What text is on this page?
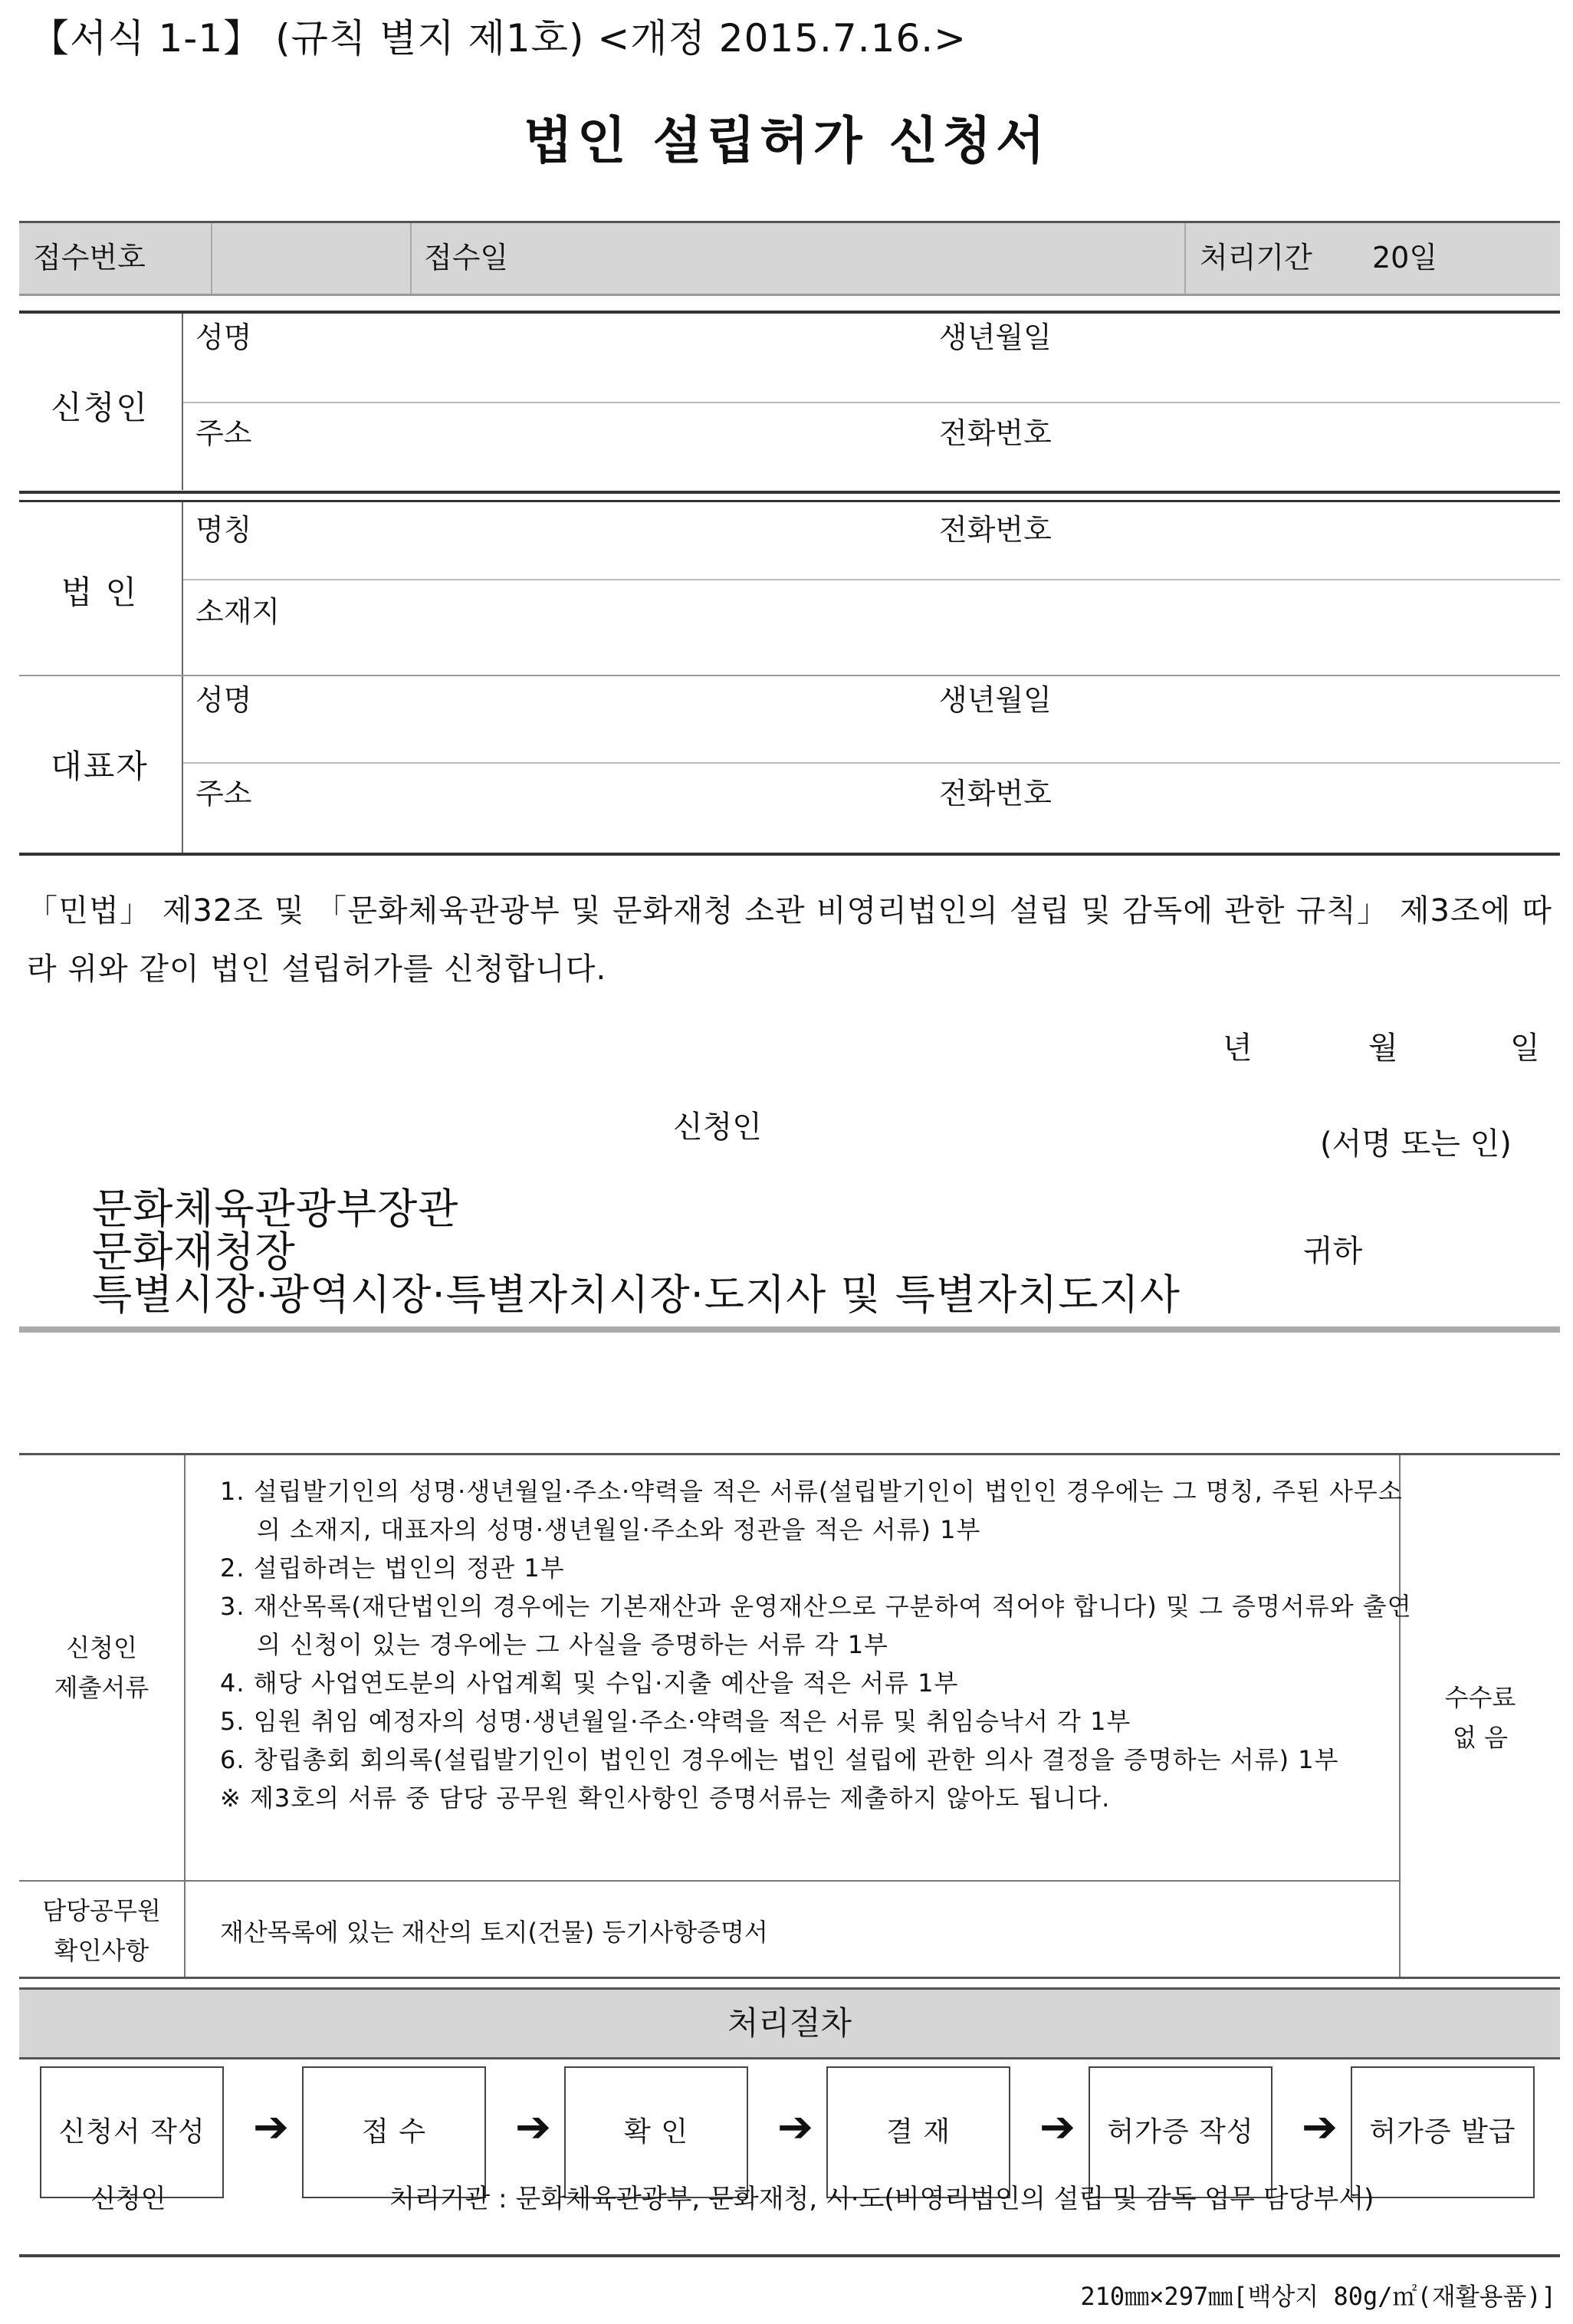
【서식 1-1】 (규칙 별지 제1호) <개정 2015.7.16.>
법인 설립허가 신청서
접수번호	접수일	처리기간 20일
신청인
성명	생년월일
주소	전화번호
법 인
명칭	전화번호
소재지
대표자
성명	생년월일
주소	전화번호
「민법」 제32조 및 「문화체육관광부 및 문화재청 소관 비영리법인의 설립 및 감독에 관한 규칙」 제3조에 따라 위와 같이 법인 설립허가를 신청합니다.
년	월	일
신청인	(서명 또는 인)
문화체육관광부장관
문화재청장
특별시장·광역시장·특별자치시장·도지사 및 특별자치도지사
귀하
신청인
제출서류
1. 설립발기인의 성명·생년월일·주소·약력을 적은 서류(설립발기인이 법인인 경우에는 그 명칭, 주된 사무소의 소재지, 대표자의 성명·생년월일·주소와 정관을 적은 서류) 1부
2. 설립하려는 법인의 정관 1부
3. 재산목록(재단법인의 경우에는 기본재산과 운영재산으로 구분하여 적어야 합니다) 및 그 증명서류와 출연의 신청이 있는 경우에는 그 사실을 증명하는 서류 각 1부
4. 해당 사업연도분의 사업계획 및 수입·지출 예산을 적은 서류 1부
5. 임원 취임 예정자의 성명·생년월일·주소·약력을 적은 서류 및 취임승낙서 각 1부
6. 창립총회 회의록(설립발기인이 법인인 경우에는 법인 설립에 관한 의사 결정을 증명하는 서류) 1부
※ 제3호의 서류 중 담당 공무원 확인사항인 증명서류는 제출하지 않아도 됩니다.
수수료
없 음
담당공무원
확인사항
재산목록에 있는 재산의 토지(건물) 등기사항증명서
처리절차
신청서 작성	➔	접 수	➔	확 인	➔	결 재	➔	허가증 작성	➔	허가증 발급
신청인	처리기관 : 문화체육관광부, 문화재청, 시·도(비영리법인의 설립 및 감독 업무 담당부서)
210㎜×297㎜[백상지 80g/㎡(재활용품)]
